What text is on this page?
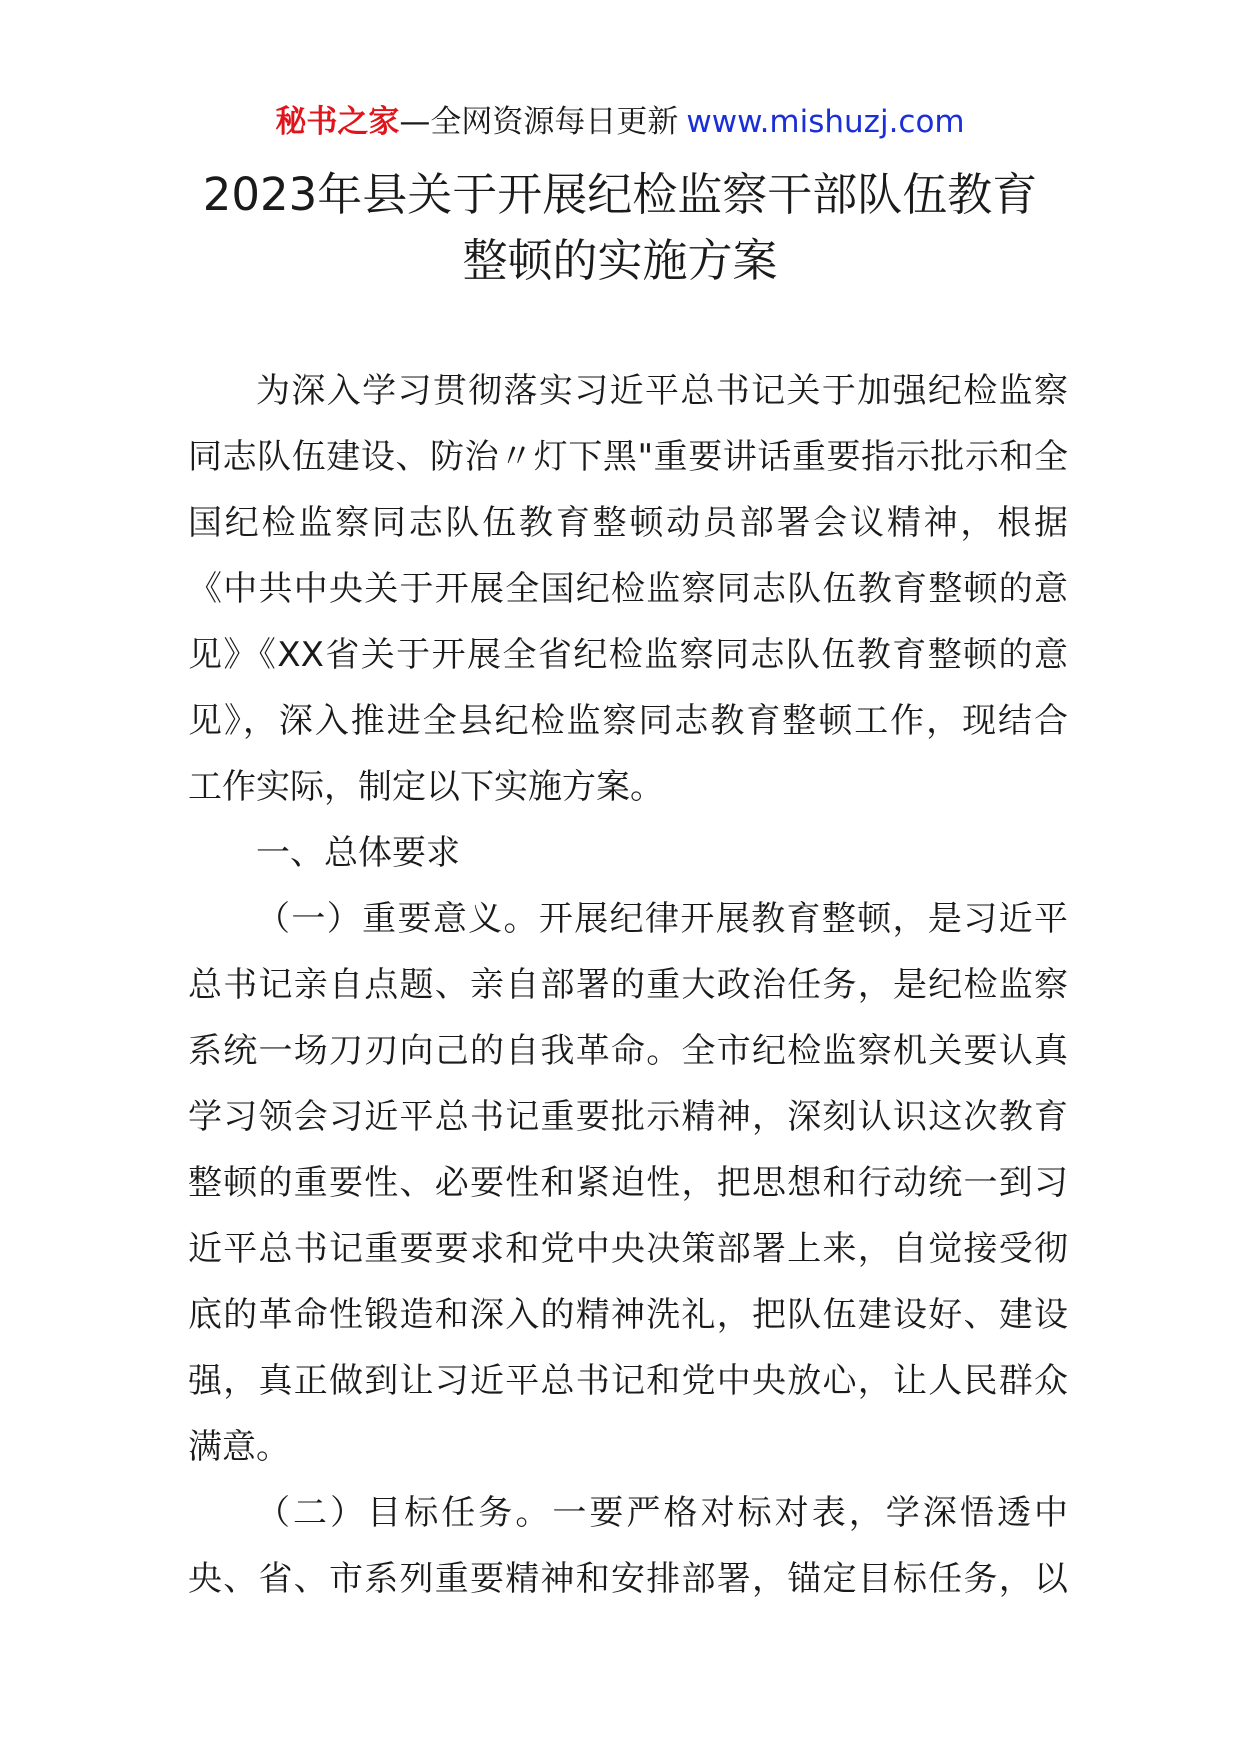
秘书之家—全网资源每日更新 www.mishuzj.com
2023年县关于开展纪检监察干部队伍教育
整顿的实施方案
为深入学习贯彻落实习近平总书记关于加强纪检监察
同志队伍建设、防治〃灯下黑"重要讲话重要指示批示和全
国纪检监察同志队伍教育整顿动员部署会议精神，根据
《中共中央关于开展全国纪检监察同志队伍教育整顿的意
见》《XX省关于开展全省纪检监察同志队伍教育整顿的意
见》，深入推进全县纪检监察同志教育整顿工作，现结合
工作实际，制定以下实施方案。
一、总体要求
（一）重要意义。开展纪律开展教育整顿，是习近平
总书记亲自点题、亲自部署的重大政治任务，是纪检监察
系统一场刀刃向己的自我革命。全市纪检监察机关要认真
学习领会习近平总书记重要批示精神，深刻认识这次教育
整顿的重要性、必要性和紧迫性，把思想和行动统一到习
近平总书记重要要求和党中央决策部署上来，自觉接受彻
底的革命性锻造和深入的精神洗礼，把队伍建设好、建设
强，真正做到让习近平总书记和党中央放心，让人民群众
满意。
（二）目标任务。一要严格对标对表，学深悟透中
央、省、市系列重要精神和安排部署，锚定目标任务，以
